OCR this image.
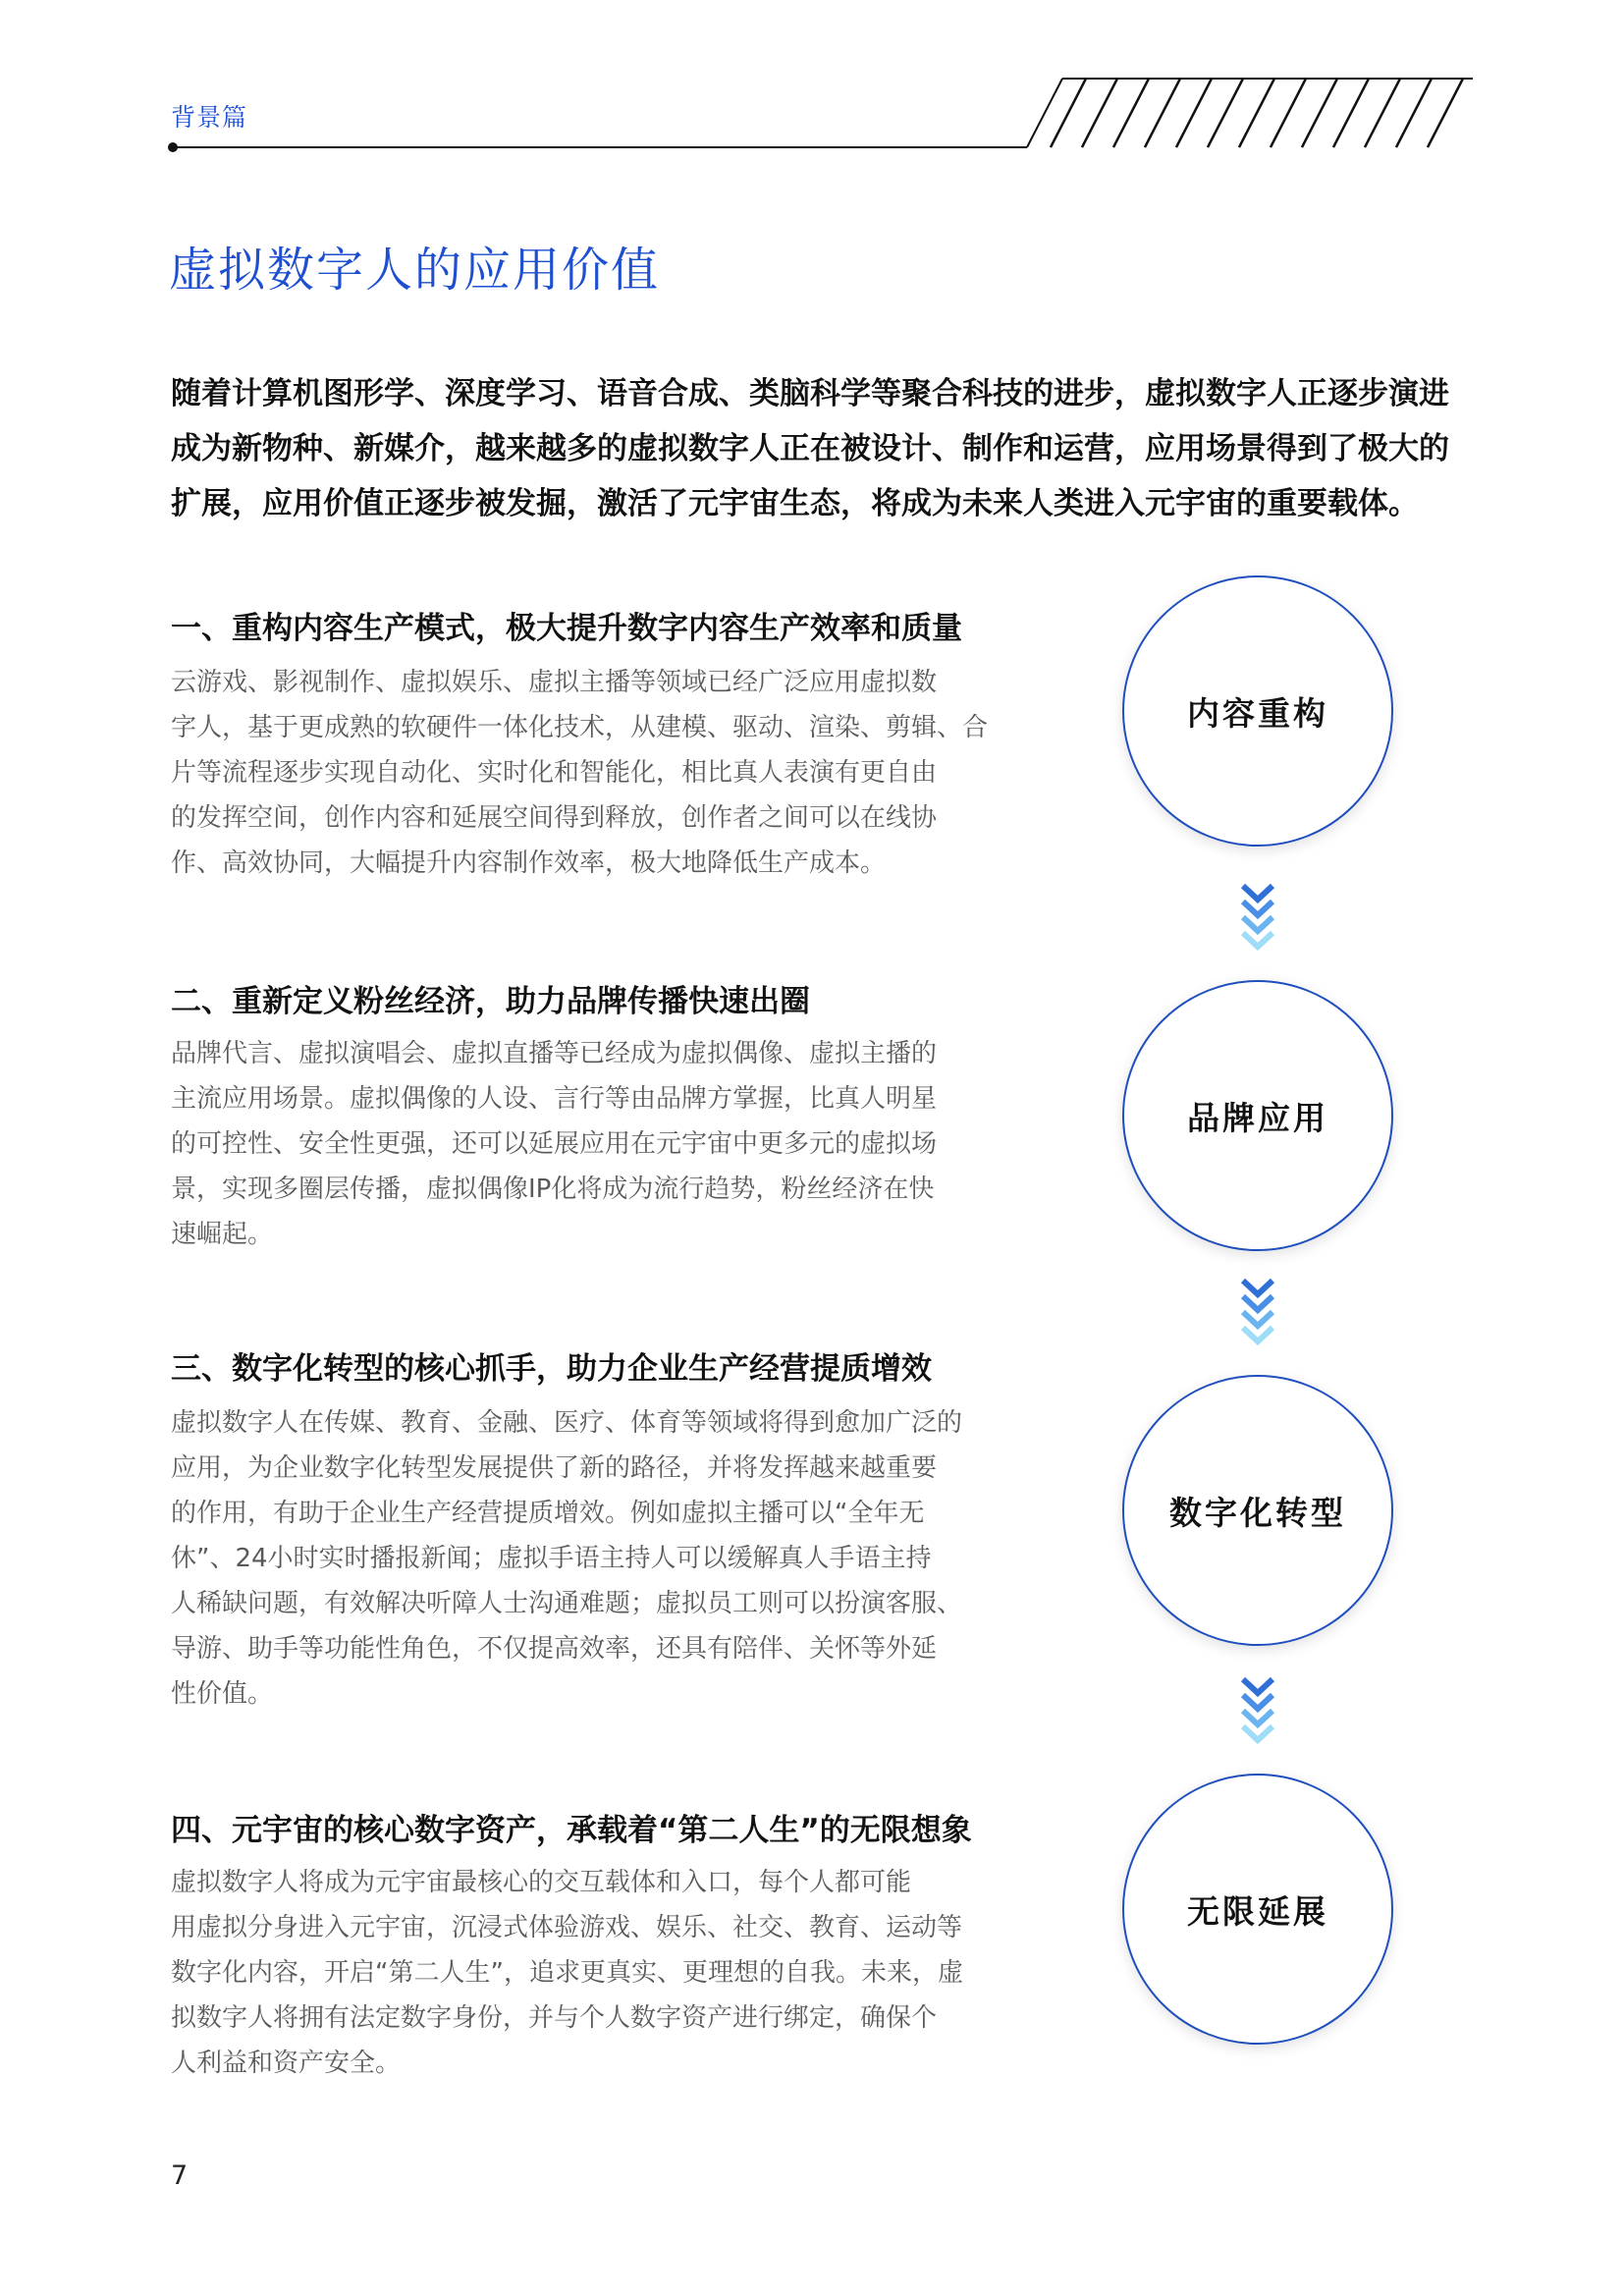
背景篇
虚拟数字人的应用价值

随着计算机图形学、深度学习、语音合成、类脑科学等聚合科技的进步，虚拟数字人正逐步演进

成为新物种、新媒介，越来越多的虚拟数字人正在被设计、制作和运营，应用场景得到了极大的

扩展，应用价值正逐步被发掘，激活了元宇宙生态，将成为未来人类进入元宇宙的重要载体。

一、重构内容生产模式，极大提升数字内容生产效率和质量

云游戏、影视制作、虚拟娱乐、虚拟主播等领域已经广泛应用虚拟数

字人，基于更成熟的软硬件一体化技术，从建模、驱动、渲染、剪辑、合

片等流程逐步实现自动化、实时化和智能化，相比真人表演有更自由

的发挥空间，创作内容和延展空间得到释放，创作者之间可以在线协

作、高效协同，大幅提升内容制作效率，极大地降低生产成本。

二、重新定义粉丝经济，助力品牌传播快速出圈

品牌代言、虚拟演唱会、虚拟直播等已经成为虚拟偶像、虚拟主播的

主流应用场景。虚拟偶像的人设、言行等由品牌方掌握，比真人明星

的可控性、安全性更强，还可以延展应用在元宇宙中更多元的虚拟场

景，实现多圈层传播，虚拟偶像IP化将成为流行趋势，粉丝经济在快

速崛起。

三、数字化转型的核心抓手，助力企业生产经营提质增效

虚拟数字人在传媒、教育、金融、医疗、体育等领域将得到愈加广泛的

应用，为企业数字化转型发展提供了新的路径，并将发挥越来越重要

的作用，有助于企业生产经营提质增效。例如虚拟主播可以“全年无

休”、24小时实时播报新闻；虚拟手语主持人可以缓解真人手语主持

人稀缺问题，有效解决听障人士沟通难题；虚拟员工则可以扮演客服、

导游、助手等功能性角色，不仅提高效率，还具有陪伴、关怀等外延

性价值。

四、元宇宙的核心数字资产，承载着“第二人生”的无限想象

虚拟数字人将成为元宇宙最核心的交互载体和入口，每个人都可能

用虚拟分身进入元宇宙，沉浸式体验游戏、娱乐、社交、教育、运动等

数字化内容，开启“第二人生”，追求更真实、更理想的自我。未来，虚

拟数字人将拥有法定数字身份，并与个人数字资产进行绑定，确保个

人利益和资产安全。

内容重构
品牌应用
数字化转型
无限延展
7
